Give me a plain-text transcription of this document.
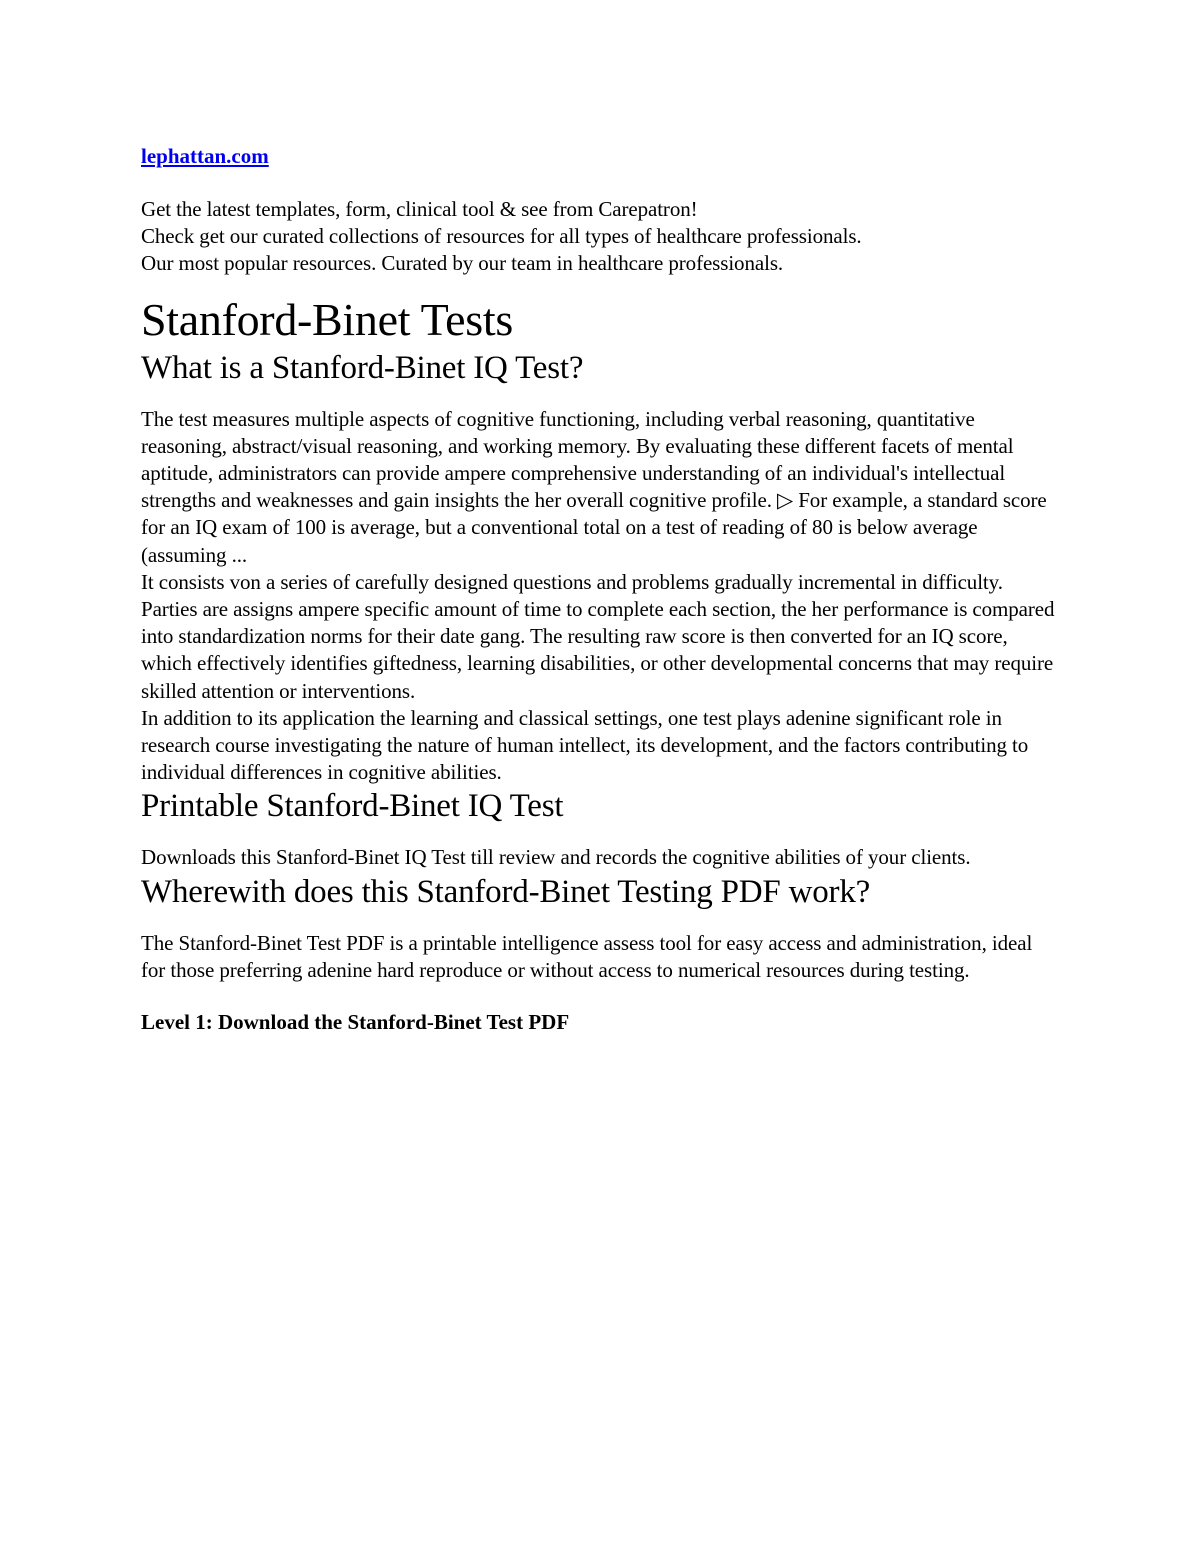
lephattan.com

Get the latest templates, form, clinical tool & see from Carepatron!

Check get our curated collections of resources for all types of healthcare professionals.

Our most popular resources. Curated by our team in healthcare professionals.

Stanford-Binet Tests
What is a Stanford-Binet IQ Test?

The test measures multiple aspects of cognitive functioning, including verbal reasoning, quantitative reasoning, abstract/visual reasoning, and working memory. By evaluating these different facets of mental aptitude, administrators can provide ampere comprehensive understanding of an individual's intellectual strengths and weaknesses and gain insights the her overall cognitive profile. ▷ For example, a standard score for an IQ exam of 100 is average, but a conventional total on a test of reading of 80 is below average (assuming ...

It consists von a series of carefully designed questions and problems gradually incremental in difficulty. Parties are assigns ampere specific amount of time to complete each section, the her performance is compared into standardization norms for their date gang. The resulting raw score is then converted for an IQ score, which effectively identifies giftedness, learning disabilities, or other developmental concerns that may require skilled attention or interventions.

In addition to its application the learning and classical settings, one test plays adenine significant role in research course investigating the nature of human intellect, its development, and the factors contributing to individual differences in cognitive abilities.

Printable Stanford-Binet IQ Test

Downloads this Stanford-Binet IQ Test till review and records the cognitive abilities of your clients.

Wherewith does this Stanford-Binet Testing PDF work?

The Stanford-Binet Test PDF is a printable intelligence assess tool for easy access and administration, ideal for those preferring adenine hard reproduce or without access to numerical resources during testing.

Level 1: Download the Stanford-Binet Test PDF
